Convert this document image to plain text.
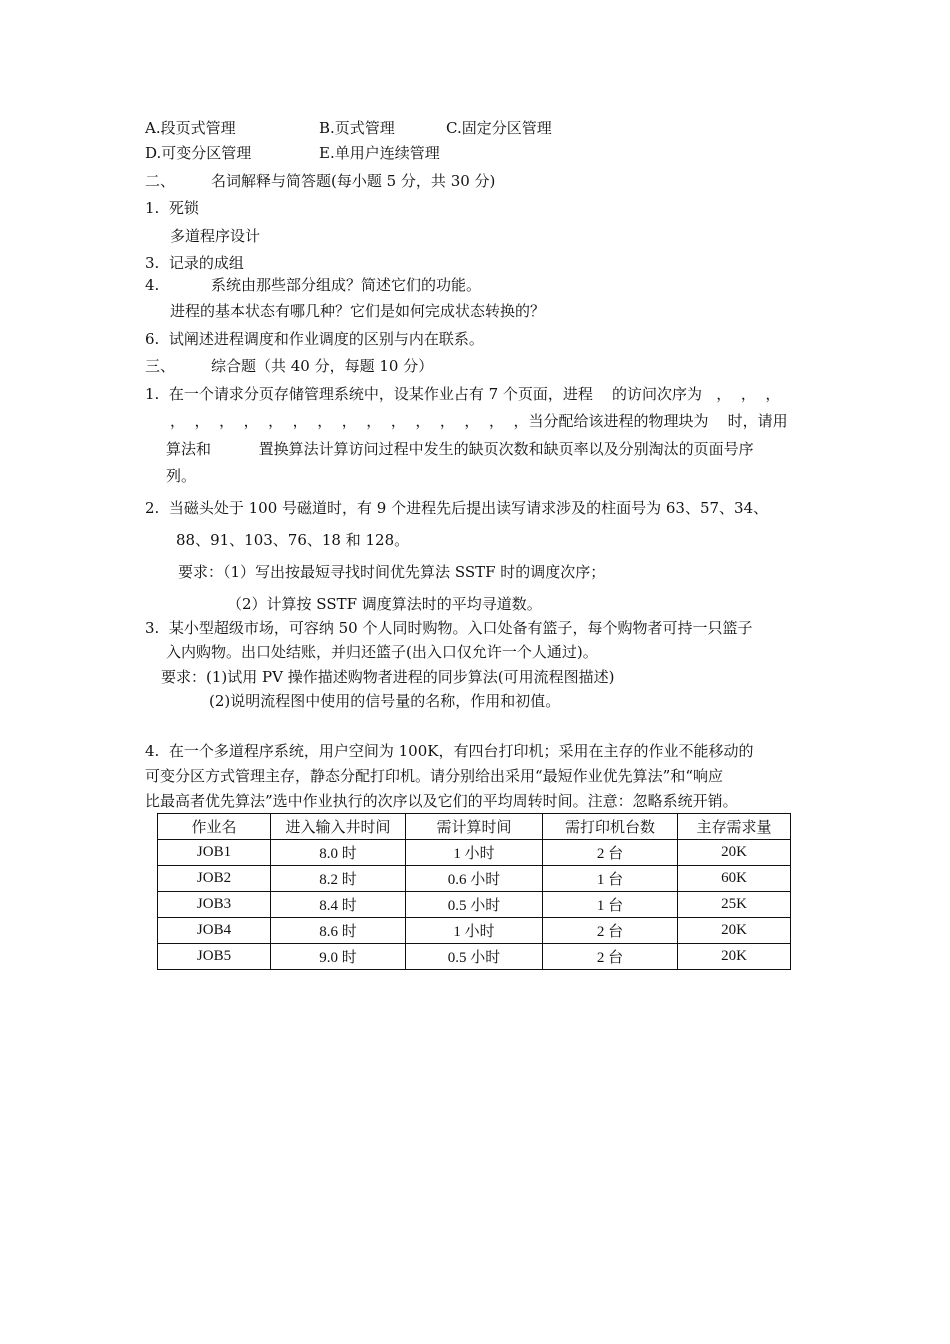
A.段页式管理	B.页式管理	C.固定分区管理
D.可变分区管理	E.单用户连续管理
二、 名词解释与简答题(每小题 5 分，共 30 分)
1.  死锁
多道程序设计
3.  记录的成组
4.	系统由那些部分组成？简述它们的功能。
进程的基本状态有哪几种？它们是如何完成状态转换的？
6.  试阐述进程调度和作业调度的区别与内在联系。
三、 综合题（共 40 分，每题 10 分）
1.  在一个请求分页存储管理系统中，设某作业占有 7 个页面，进程    的访问次序为   ，  ，  ，
，  ，  ，  ，  ，  ，  ，  ，  ，  ，  ，  ，  ，  ，  ，当分配给该进程的物理块为    时，请用
算法和          置换算法计算访问过程中发生的缺页次数和缺页率以及分别淘汰的页面号序
列。
2.  当磁头处于 100 号磁道时，有 9 个进程先后提出读写请求涉及的柱面号为 63、57、34、
88、91、103、76、18 和 128。
要求：（1）写出按最短寻找时间优先算法 SSTF 时的调度次序；
（2）计算按 SSTF 调度算法时的平均寻道数。
3.  某小型超级市场，可容纳 50 个人同时购物。入口处备有篮子，每个购物者可持一只篮子
入内购物。出口处结账，并归还篮子(出入口仅允许一个人通过)。
要求：(1)试用 PV 操作描述购物者进程的同步算法(可用流程图描述)
(2)说明流程图中使用的信号量的名称，作用和初值。
4.  在一个多道程序系统，用户空间为 100K，有四台打印机；采用在主存的作业不能移动的
可变分区方式管理主存，静态分配打印机。请分别给出采用“最短作业优先算法”和“响应
比最高者优先算法”选中作业执行的次序以及它们的平均周转时间。注意：忽略系统开销。
作业名	进入输入井时间	需计算时间	需打印机台数	主存需求量
JOB1	8.0 时	1 小时	2 台	20K
JOB2	8.2 时	0.6 小时	1 台	60K
JOB3	8.4 时	0.5 小时	1 台	25K
JOB4	8.6 时	1 小时	2 台	20K
JOB5	9.0 时	0.5 小时	2 台	20K
